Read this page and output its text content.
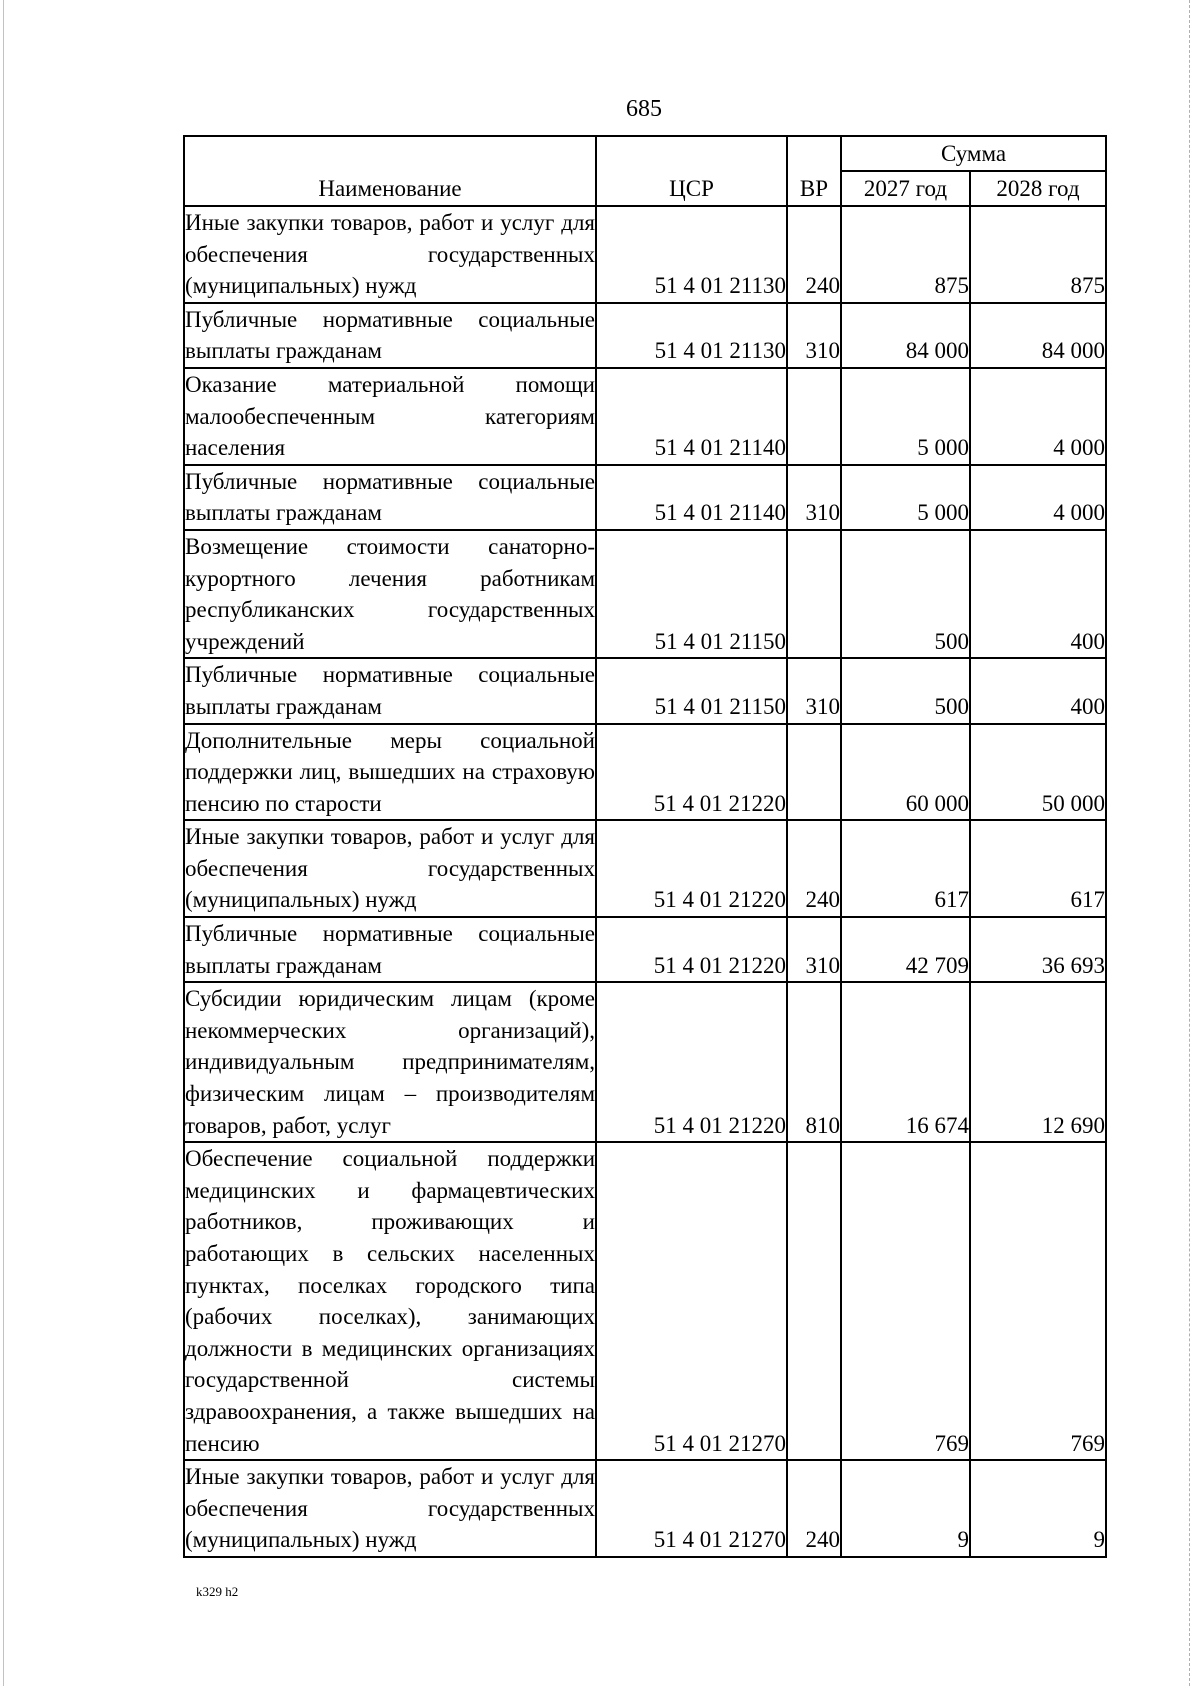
685
Наименование	ЦСР	ВР	Сумма	
			2027 год	2028 год
Иные закупки товаров, работ и услуг для обеспечения государственных (муниципальных) нужд	51 4 01 21130	240	875	875
Публичные нормативные социальные выплаты гражданам	51 4 01 21130	310	84 000	84 000
Оказание материальной помощи малообеспеченным категориям населения	51 4 01 21140		5 000	4 000
Публичные нормативные социальные выплаты гражданам	51 4 01 21140	310	5 000	4 000
Возмещение стоимости санаторно-курортного лечения работникам республиканских государственных учреждений	51 4 01 21150		500	400
Публичные нормативные социальные выплаты гражданам	51 4 01 21150	310	500	400
Дополнительные меры социальной поддержки лиц, вышедших на страховую пенсию по старости	51 4 01 21220		60 000	50 000
Иные закупки товаров, работ и услуг для обеспечения государственных (муниципальных) нужд	51 4 01 21220	240	617	617
Публичные нормативные социальные выплаты гражданам	51 4 01 21220	310	42 709	36 693
Субсидии юридическим лицам (кроме некоммерческих организаций), индивидуальным предпринимателям, физическим лицам – производителям товаров, работ, услуг	51 4 01 21220	810	16 674	12 690
Обеспечение социальной поддержки медицинских и фармацевтических работников, проживающих и работающих в сельских населенных пунктах, поселках городского типа (рабочих поселках), занимающих должности в медицинских организациях государственной системы здравоохранения, а также вышедших на пенсию	51 4 01 21270		769	769
Иные закупки товаров, работ и услуг для обеспечения государственных (муниципальных) нужд	51 4 01 21270	240	9	9
k329 h2
